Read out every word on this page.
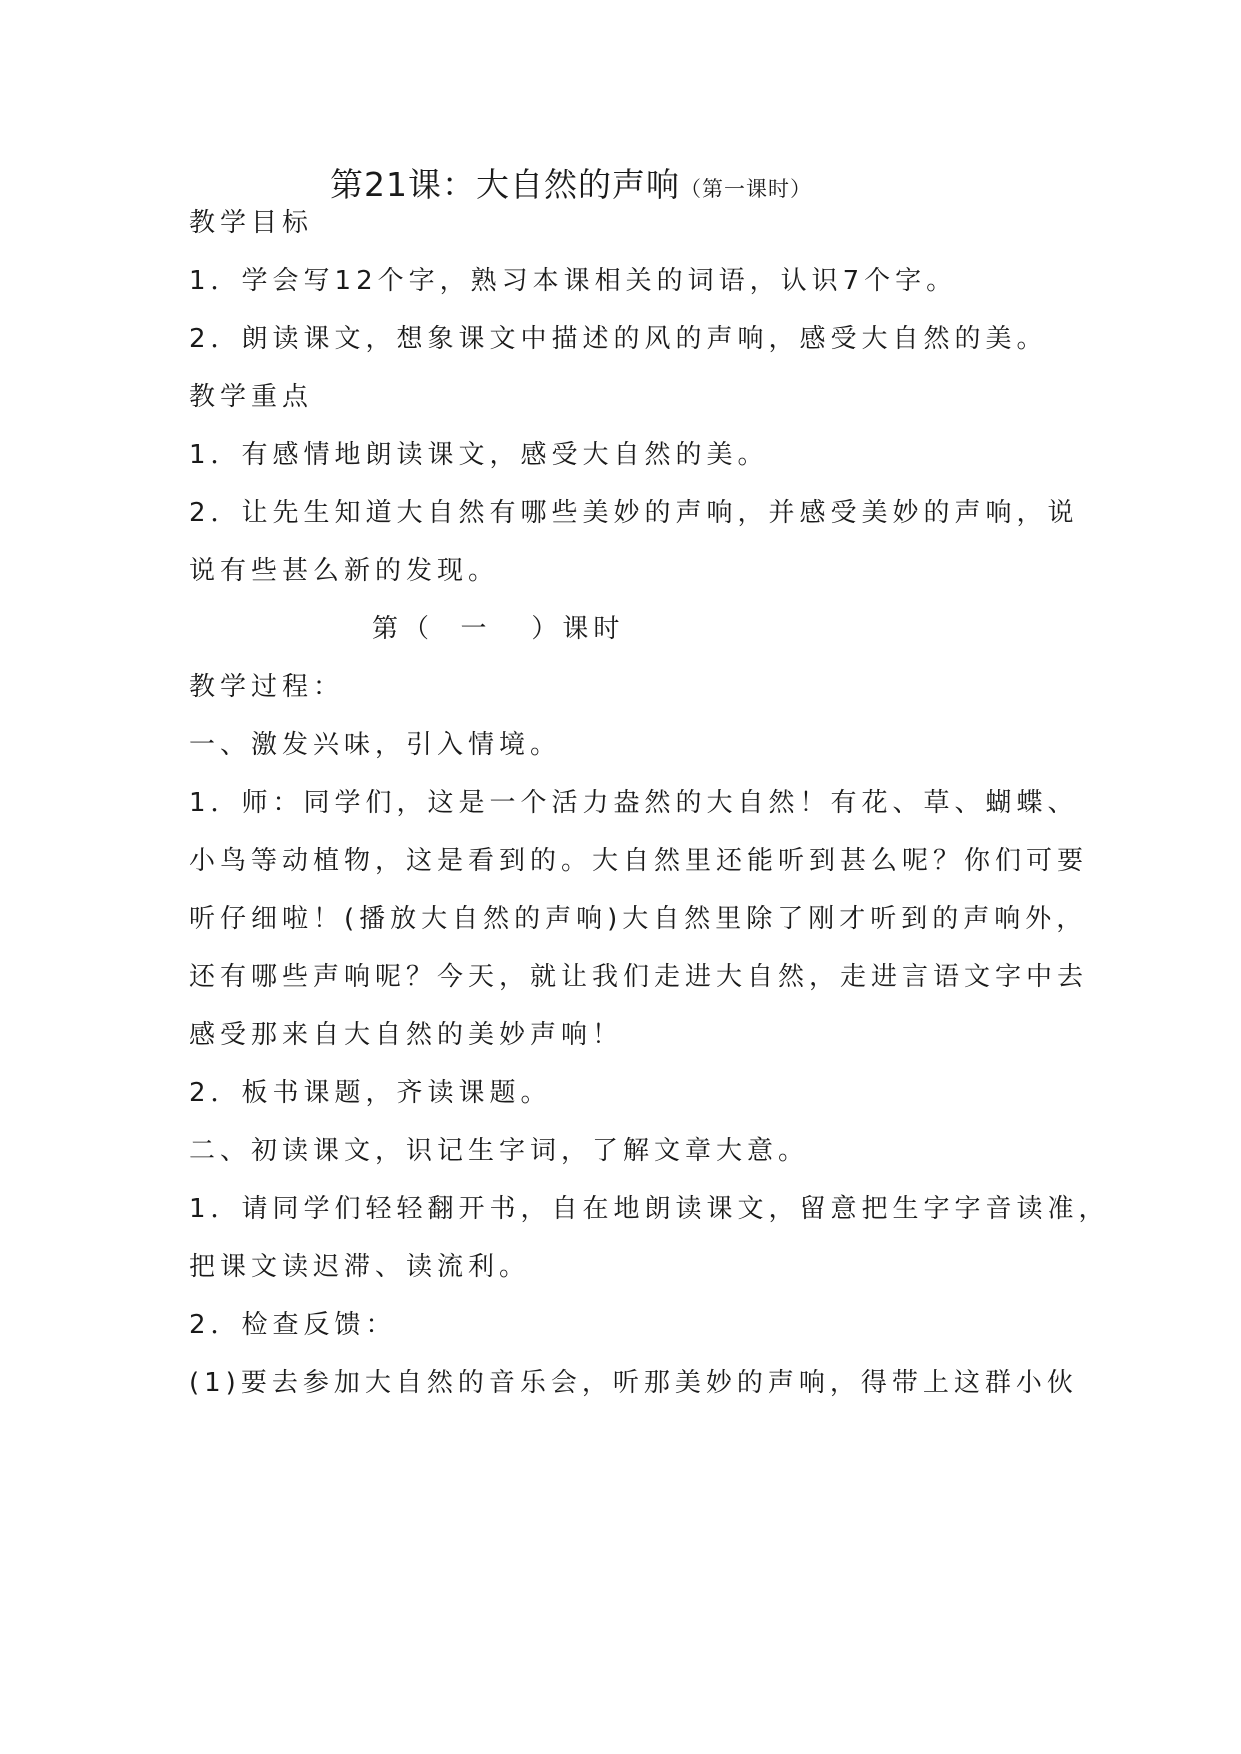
第21课：大自然的声响（第一课时）
教学目标
1．学会写12个字，熟习本课相关的词语，认识7个字。
2．朗读课文，想象课文中描述的风的声响，感受大自然的美。
教学重点
1．有感情地朗读课文，感受大自然的美。
2．让先生知道大自然有哪些美妙的声响，并感受美妙的声响，说
说有些甚么新的发现。
第（  一   ）课时
教学过程：
一、激发兴味，引入情境。
1．师：同学们，这是一个活力盎然的大自然！有花、草、蝴蝶、
小鸟等动植物，这是看到的。大自然里还能听到甚么呢？你们可要
听仔细啦！(播放大自然的声响)大自然里除了刚才听到的声响外，
还有哪些声响呢？今天，就让我们走进大自然，走进言语文字中去
感受那来自大自然的美妙声响！
2．板书课题，齐读课题。
二、初读课文，识记生字词，了解文章大意。
1．请同学们轻轻翻开书，自在地朗读课文，留意把生字字音读准，
把课文读迟滞、读流利。
2．检查反馈：
(1)要去参加大自然的音乐会，听那美妙的声响，得带上这群小伙
